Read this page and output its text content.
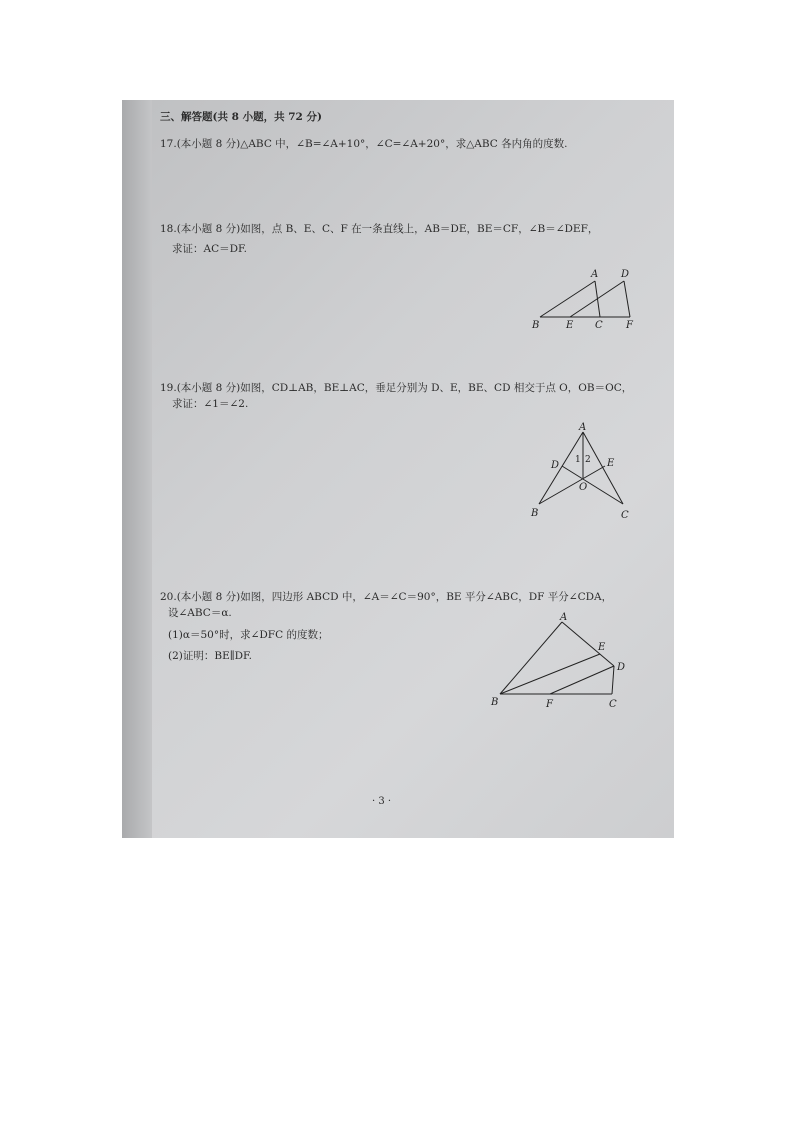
三、解答题(共 8 小题，共 72 分)
17.(本小题 8 分)△ABC 中，∠B=∠A+10°，∠C=∠A+20°，求△ABC 各内角的度数.
18.(本小题 8 分)如图，点 B、E、C、F 在一条直线上，AB＝DE，BE＝CF，∠B＝∠DEF，
求证：AC＝DF.
A D
B	E C F
19.(本小题 8 分)如图，CD⊥AB，BE⊥AC，垂足分别为 D、E，BE、CD 相交于点 O，OB＝OC，
求证：∠1＝∠2.
A
D	E
O
B	C
1 2
20.(本小题 8 分)如图，四边形 ABCD 中，∠A＝∠C＝90°，BE 平分∠ABC，DF 平分∠CDA，
设∠ABC＝α.
(1)α＝50°时，求∠DFC 的度数；
(2)证明：BE∥DF.
A
E
D
B	F	C
· 3 ·
